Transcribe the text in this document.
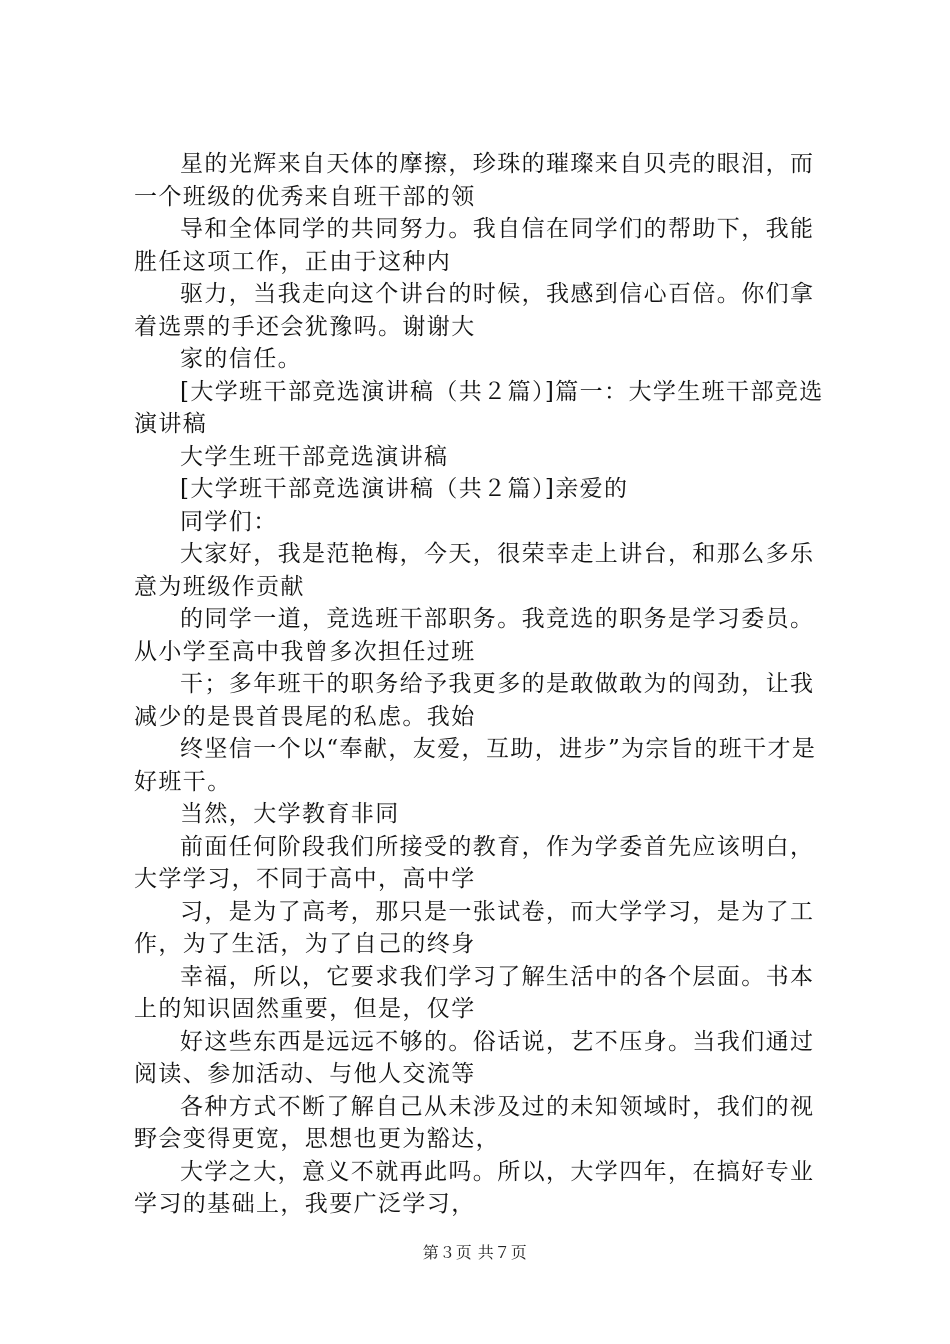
星的光辉来自天体的摩擦，珍珠的璀璨来自贝壳的眼泪，而一个班级的优秀来自班干部的领

导和全体同学的共同努力。我自信在同学们的帮助下，我能胜任这项工作，正由于这种内

驱力，当我走向这个讲台的时候，我感到信心百倍。你们拿着选票的手还会犹豫吗。谢谢大

家的信任。

[大学班干部竞选演讲稿（共２篇）]篇一：大学生班干部竞选演讲稿

大学生班干部竞选演讲稿

[大学班干部竞选演讲稿（共２篇）]亲爱的

同学们：

大家好，我是范艳梅，今天，很荣幸走上讲台，和那么多乐意为班级作贡献

的同学一道，竞选班干部职务。我竞选的职务是学习委员。从小学至高中我曾多次担任过班

干；多年班干的职务给予我更多的是敢做敢为的闯劲，让我减少的是畏首畏尾的私虑。我始

终坚信一个以“奉献，友爱，互助，进步”为宗旨的班干才是好班干。

当然，大学教育非同

前面任何阶段我们所接受的教育，作为学委首先应该明白，大学学习，不同于高中，高中学

习，是为了高考，那只是一张试卷，而大学学习，是为了工作，为了生活，为了自己的终身

幸福，所以，它要求我们学习了解生活中的各个层面。书本上的知识固然重要，但是，仅学

好这些东西是远远不够的。俗话说，艺不压身。当我们通过阅读、参加活动、与他人交流等

各种方式不断了解自己从未涉及过的未知领域时，我们的视野会变得更宽，思想也更为豁达，

大学之大，意义不就再此吗。所以，大学四年，在搞好专业学习的基础上，我要广泛学习，

第３页 共７页
